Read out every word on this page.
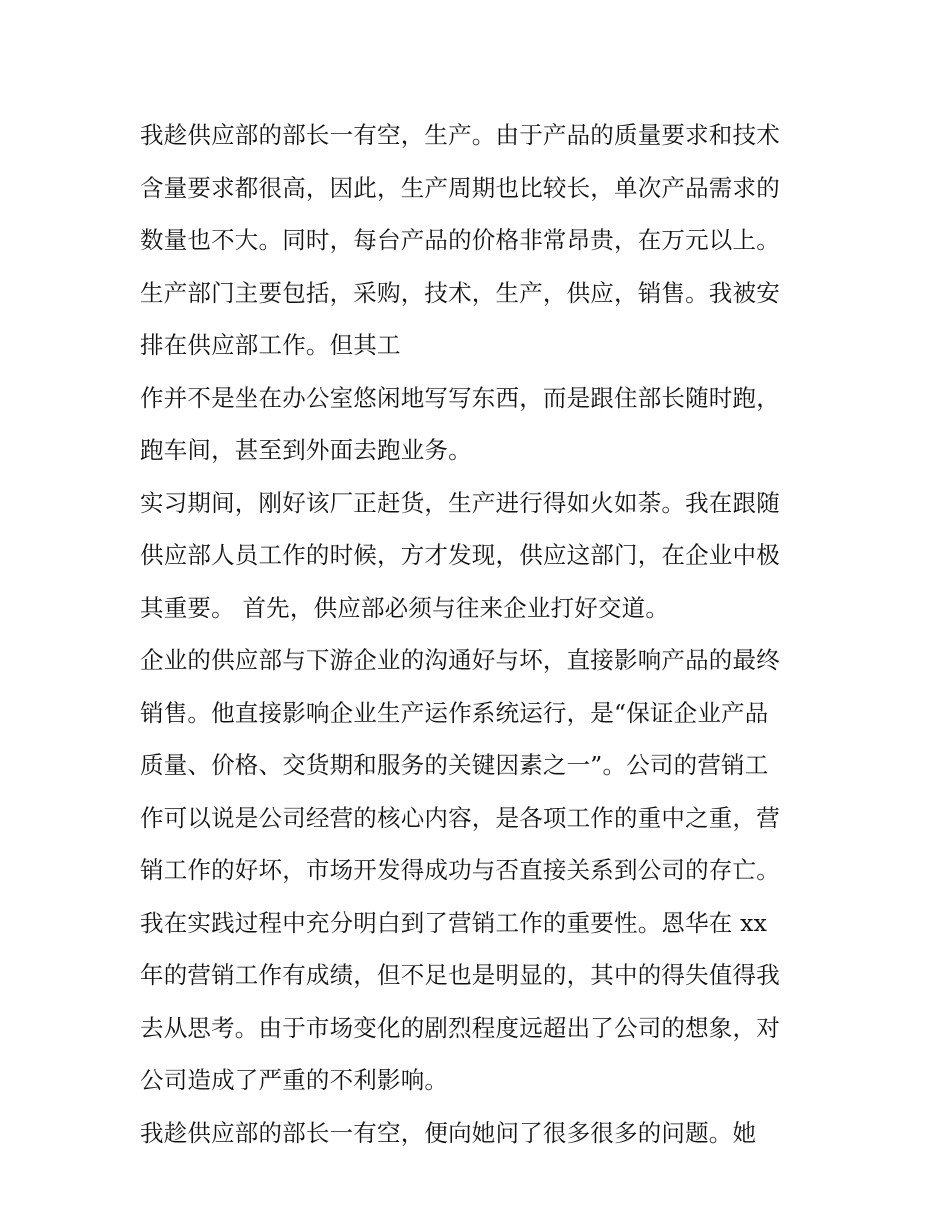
我趁供应部的部长一有空，生产。由于产品的质量要求和技术
含量要求都很高，因此，生产周期也比较长，单次产品需求的
数量也不大。同时，每台产品的价格非常昂贵，在万元以上。
生产部门主要包括，采购，技术，生产，供应，销售。我被安
排在供应部工作。但其工
作并不是坐在办公室悠闲地写写东西，而是跟住部长随时跑，
跑车间，甚至到外面去跑业务。
实习期间，刚好该厂正赶货，生产进行得如火如荼。我在跟随
供应部人员工作的时候，方才发现，供应这部门，在企业中极
其重要。 首先，供应部必须与往来企业打好交道。
企业的供应部与下游企业的沟通好与坏，直接影响产品的最终
销售。他直接影响企业生产运作系统运行，是“保证企业产品
质量、价格、交货期和服务的关键因素之一”。公司的营销工
作可以说是公司经营的核心内容，是各项工作的重中之重，营
销工作的好坏，市场开发得成功与否直接关系到公司的存亡。
我在实践过程中充分明白到了营销工作的重要性。恩华在 xx
年的营销工作有成绩，但不足也是明显的，其中的得失值得我
去从思考。由于市场变化的剧烈程度远超出了公司的想象，对
公司造成了严重的不利影响。
我趁供应部的部长一有空，便向她问了很多很多的问题。她
